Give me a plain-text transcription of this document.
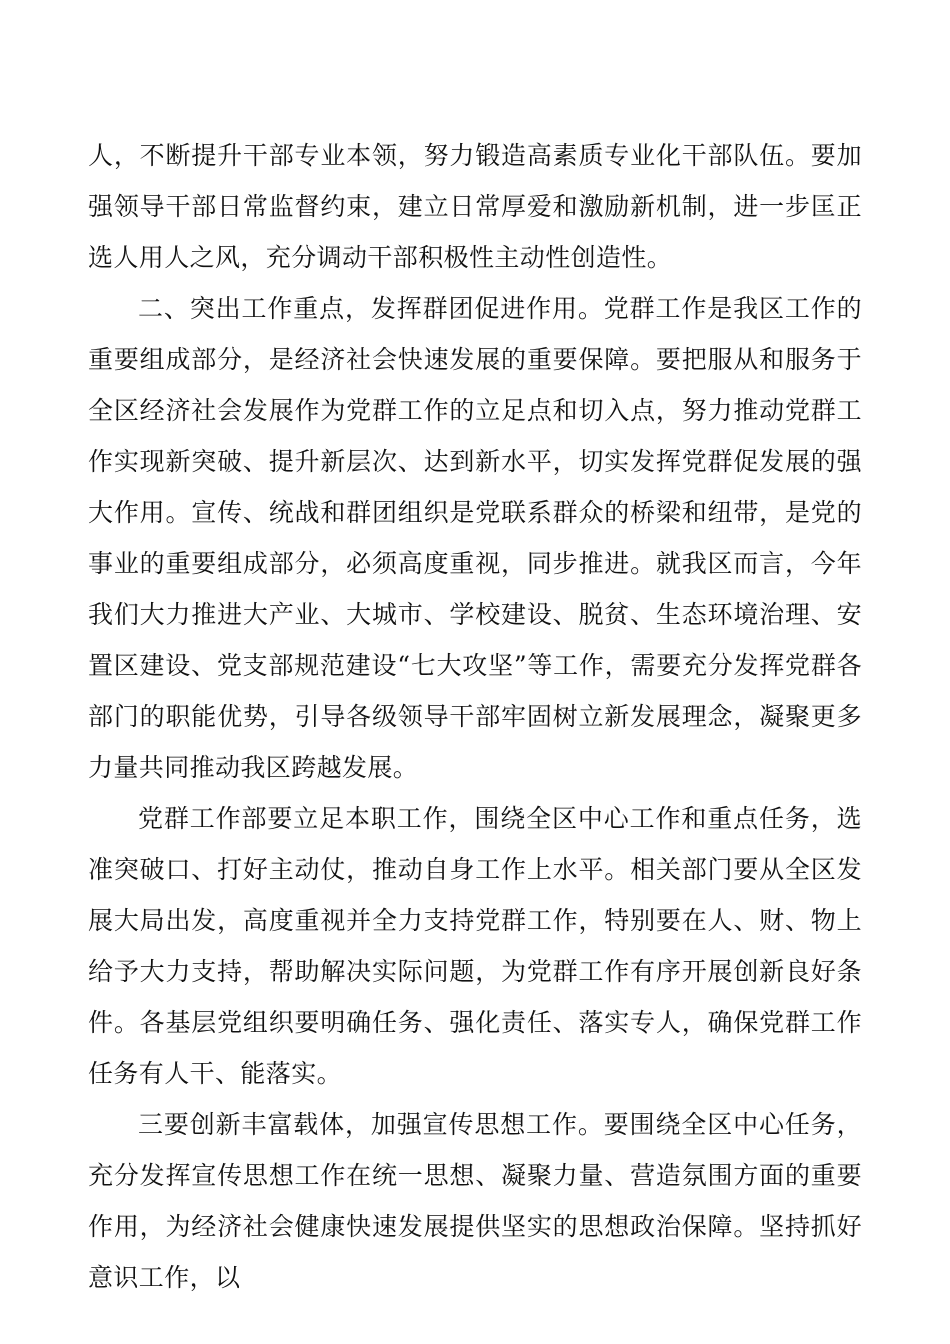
人，不断提升干部专业本领，努力锻造高素质专业化干部队伍。要加强领导干部日常监督约束，建立日常厚爱和激励新机制，进一步匡正选人用人之风，充分调动干部积极性主动性创造性。

二、突出工作重点，发挥群团促进作用。党群工作是我区工作的重要组成部分，是经济社会快速发展的重要保障。要把服从和服务于全区经济社会发展作为党群工作的立足点和切入点，努力推动党群工作实现新突破、提升新层次、达到新水平，切实发挥党群促发展的强大作用。宣传、统战和群团组织是党联系群众的桥梁和纽带，是党的事业的重要组成部分，必须高度重视，同步推进。就我区而言，今年我们大力推进大产业、大城市、学校建设、脱贫、生态环境治理、安置区建设、党支部规范建设“七大攻坚”等工作，需要充分发挥党群各部门的职能优势，引导各级领导干部牢固树立新发展理念，凝聚更多力量共同推动我区跨越发展。

党群工作部要立足本职工作，围绕全区中心工作和重点任务，选准突破口、打好主动仗，推动自身工作上水平。相关部门要从全区发展大局出发，高度重视并全力支持党群工作，特别要在人、财、物上给予大力支持，帮助解决实际问题，为党群工作有序开展创新良好条件。各基层党组织要明确任务、强化责任、落实专人，确保党群工作任务有人干、能落实。

三要创新丰富载体，加强宣传思想工作。要围绕全区中心任务，充分发挥宣传思想工作在统一思想、凝聚力量、营造氛围方面的重要作用，为经济社会健康快速发展提供坚实的思想政治保障。坚持抓好意识工作，以
